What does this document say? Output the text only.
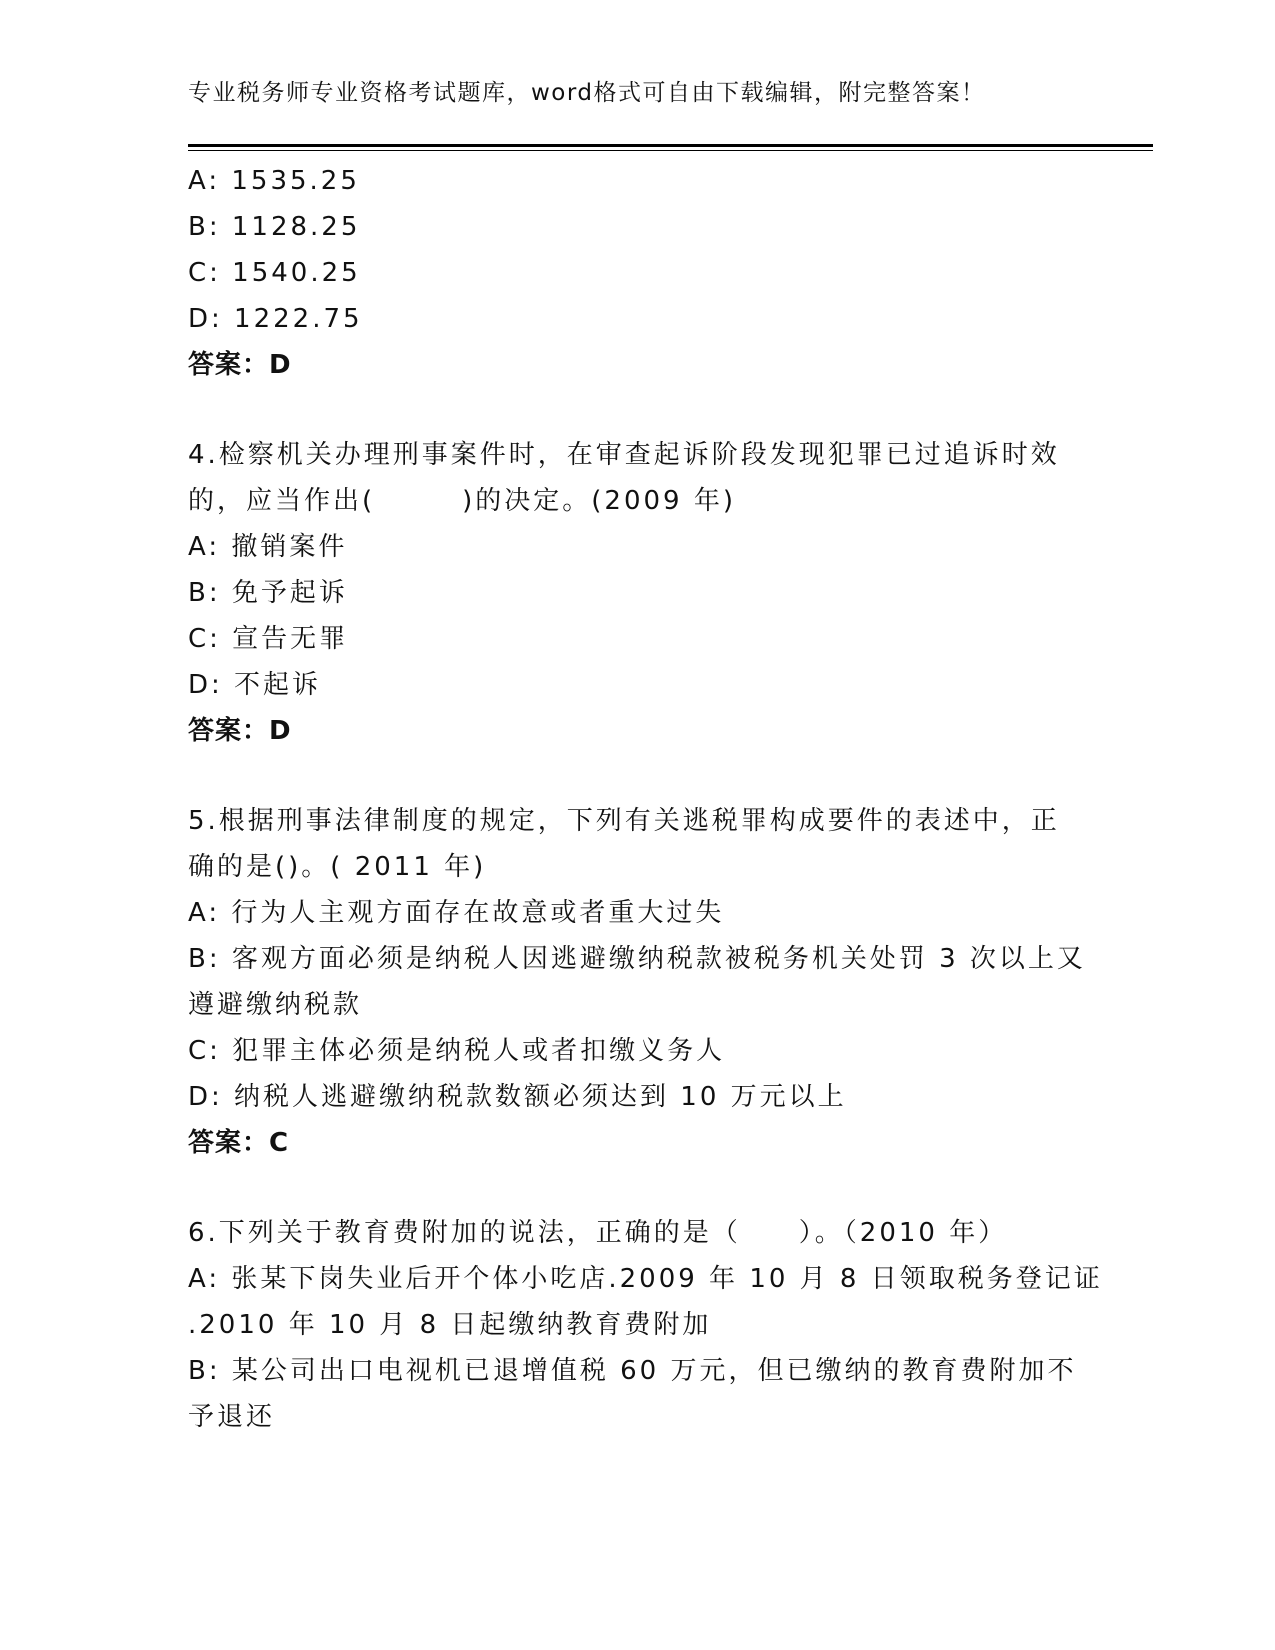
专业税务师专业资格考试题库，word格式可自由下载编辑，附完整答案！
A: 1535.25
B: 1128.25
C: 1540.25
D: 1222.75
答案：D
4.检察机关办理刑事案件时，在审查起诉阶段发现犯罪已过追诉时效
的，应当作出(　　　)的决定。(2009 年)
A: 撤销案件
B: 免予起诉
C: 宣告无罪
D: 不起诉
答案：D
5.根据刑事法律制度的规定，下列有关逃税罪构成要件的表述中，正
确的是()。( 2011 年)
A: 行为人主观方面存在故意或者重大过失
B: 客观方面必须是纳税人因逃避缴纳税款被税务机关处罚 3 次以上又
遵避缴纳税款
C: 犯罪主体必须是纳税人或者扣缴义务人
D: 纳税人逃避缴纳税款数额必须达到 10 万元以上
答案：C
6.下列关于教育费附加的说法，正确的是（　　）。（2010 年）
A: 张某下岗失业后开个体小吃店.2009 年 10 月 8 日领取税务登记证
.2010 年 10 月 8 日起缴纳教育费附加
B: 某公司出口电视机已退增值税 60 万元，但已缴纳的教育费附加不
予退还
